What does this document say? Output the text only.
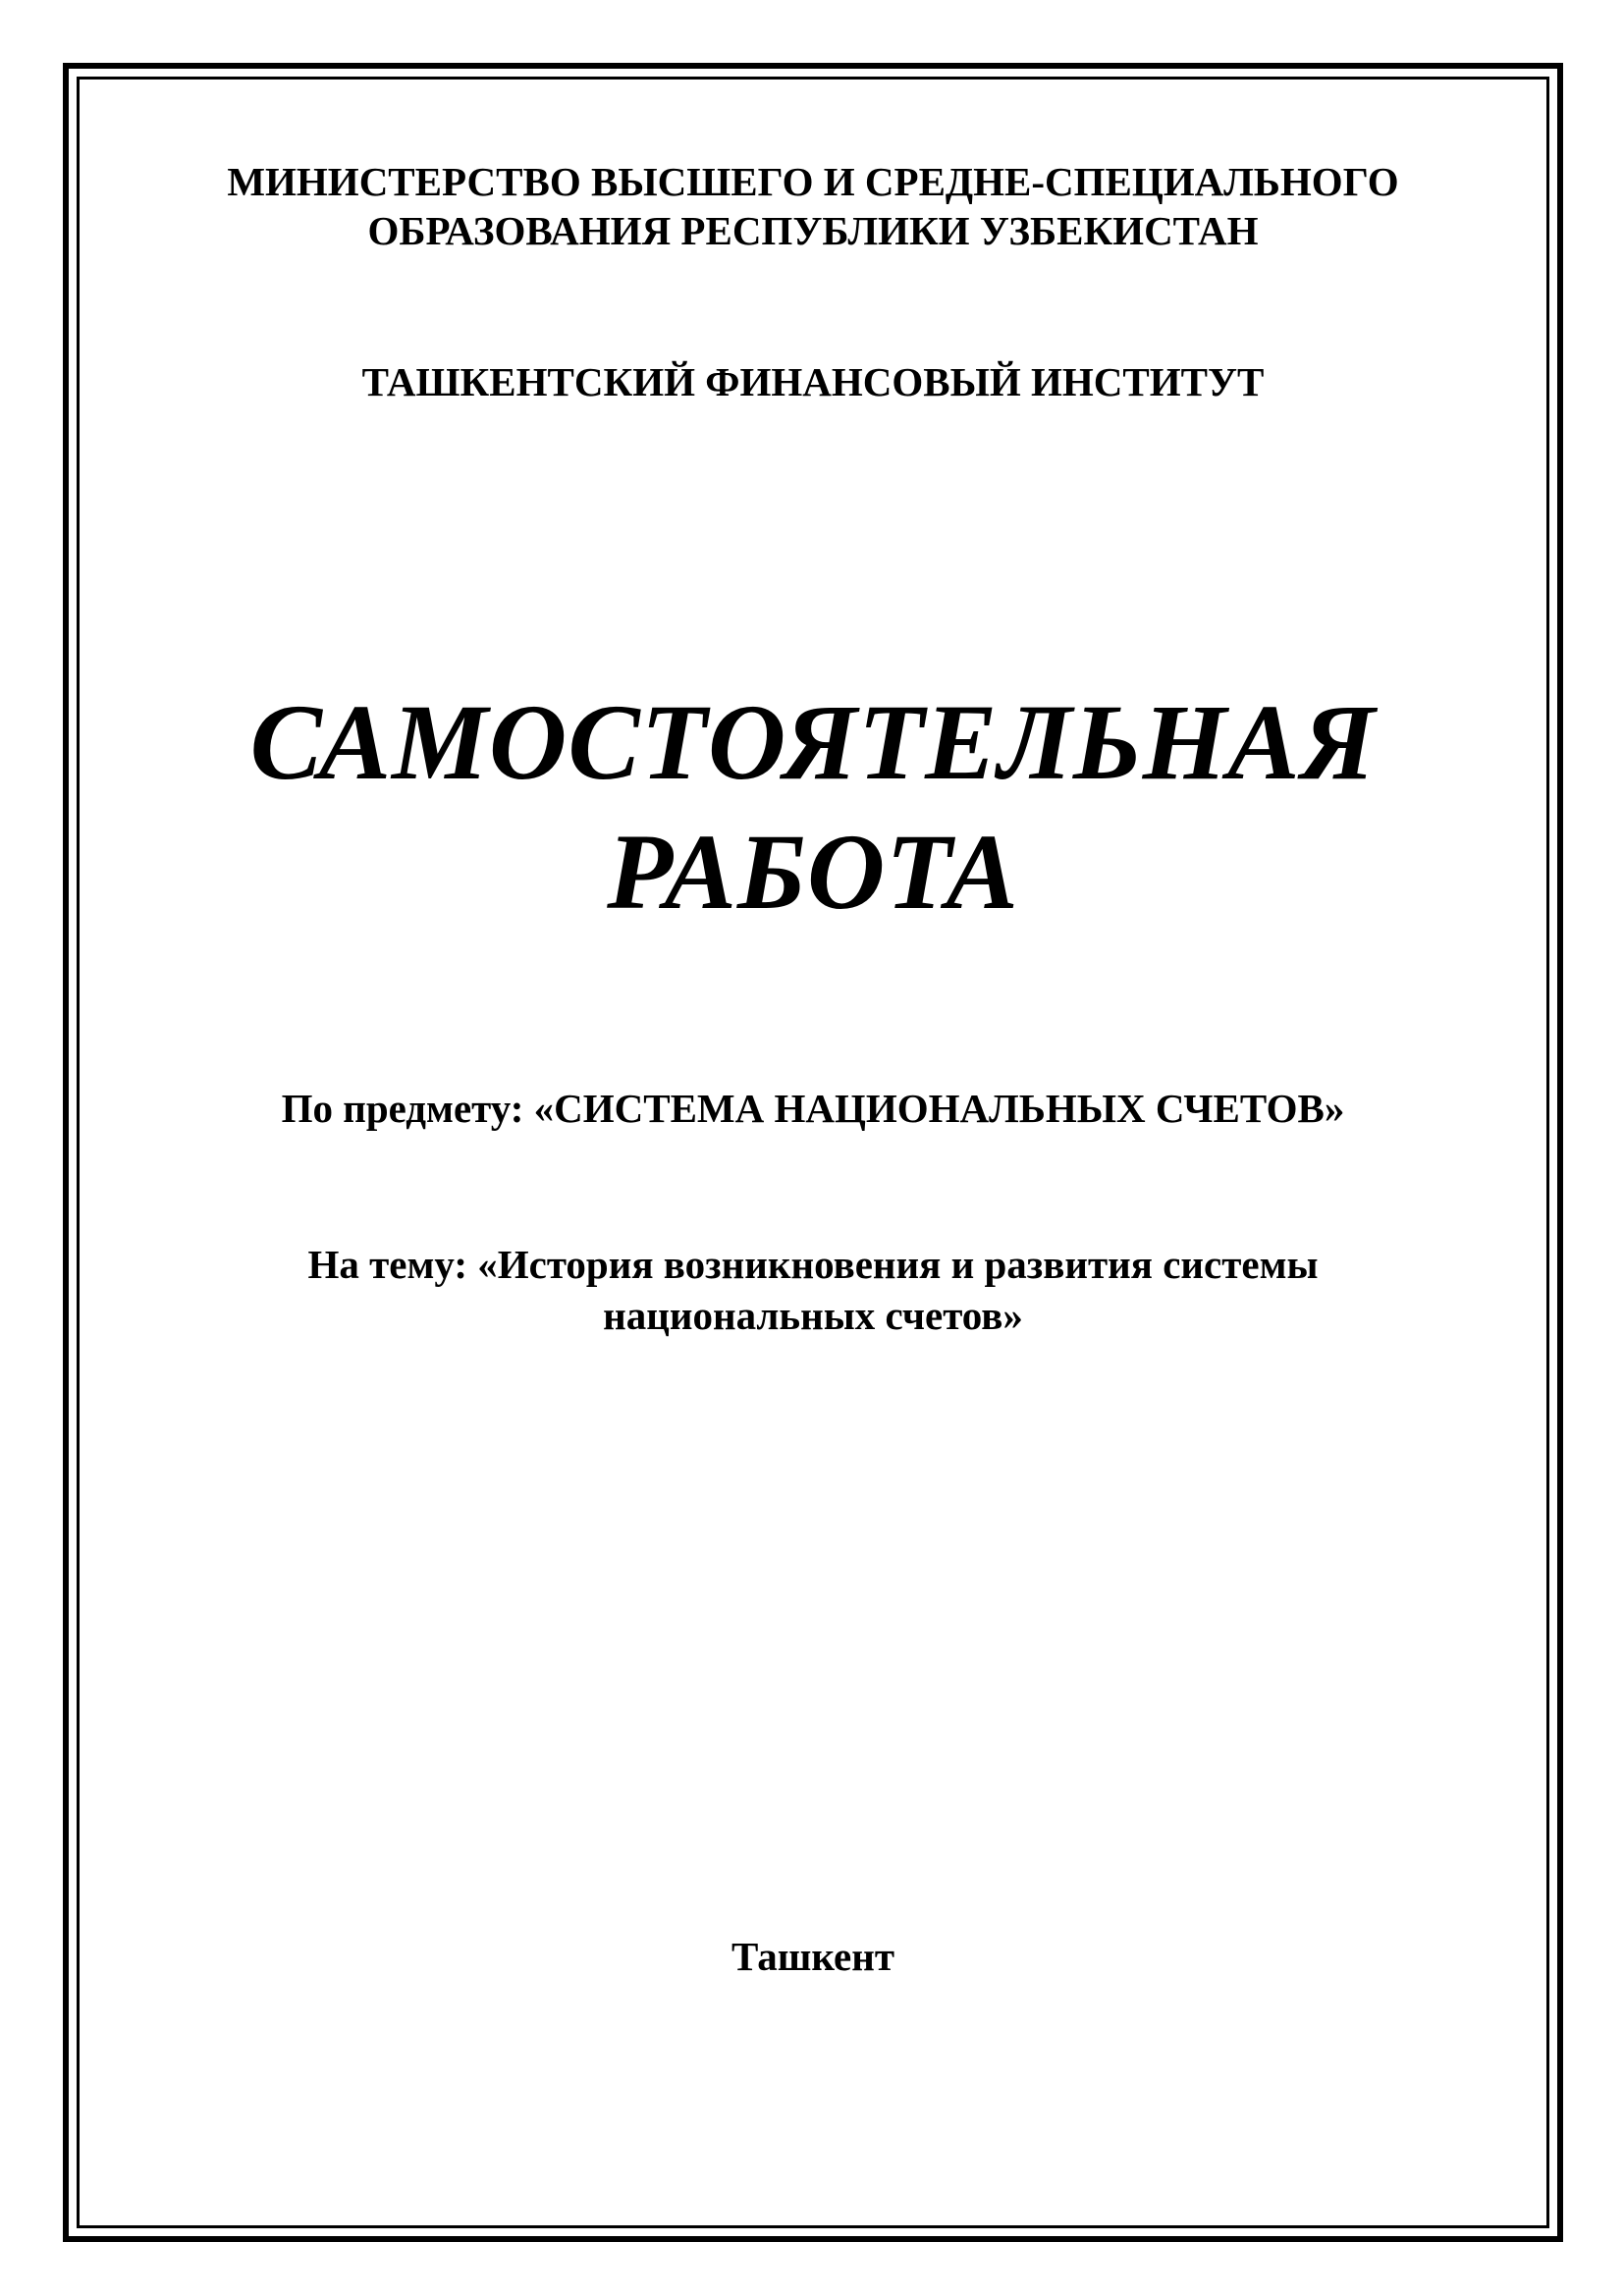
МИНИСТЕРСТВО ВЫСШЕГО И СРЕДНЕ-СПЕЦИАЛЬНОГО
ОБРАЗОВАНИЯ РЕСПУБЛИКИ УЗБЕКИСТАН
ТАШКЕНТСКИЙ ФИНАНСОВЫЙ ИНСТИТУТ
САМОСТОЯТЕЛЬНАЯ
РАБОТА
По предмету: «СИСТЕМА НАЦИОНАЛЬНЫХ СЧЕТОВ»
На тему: «История возникновения и развития системы
национальных счетов»
Ташкент
